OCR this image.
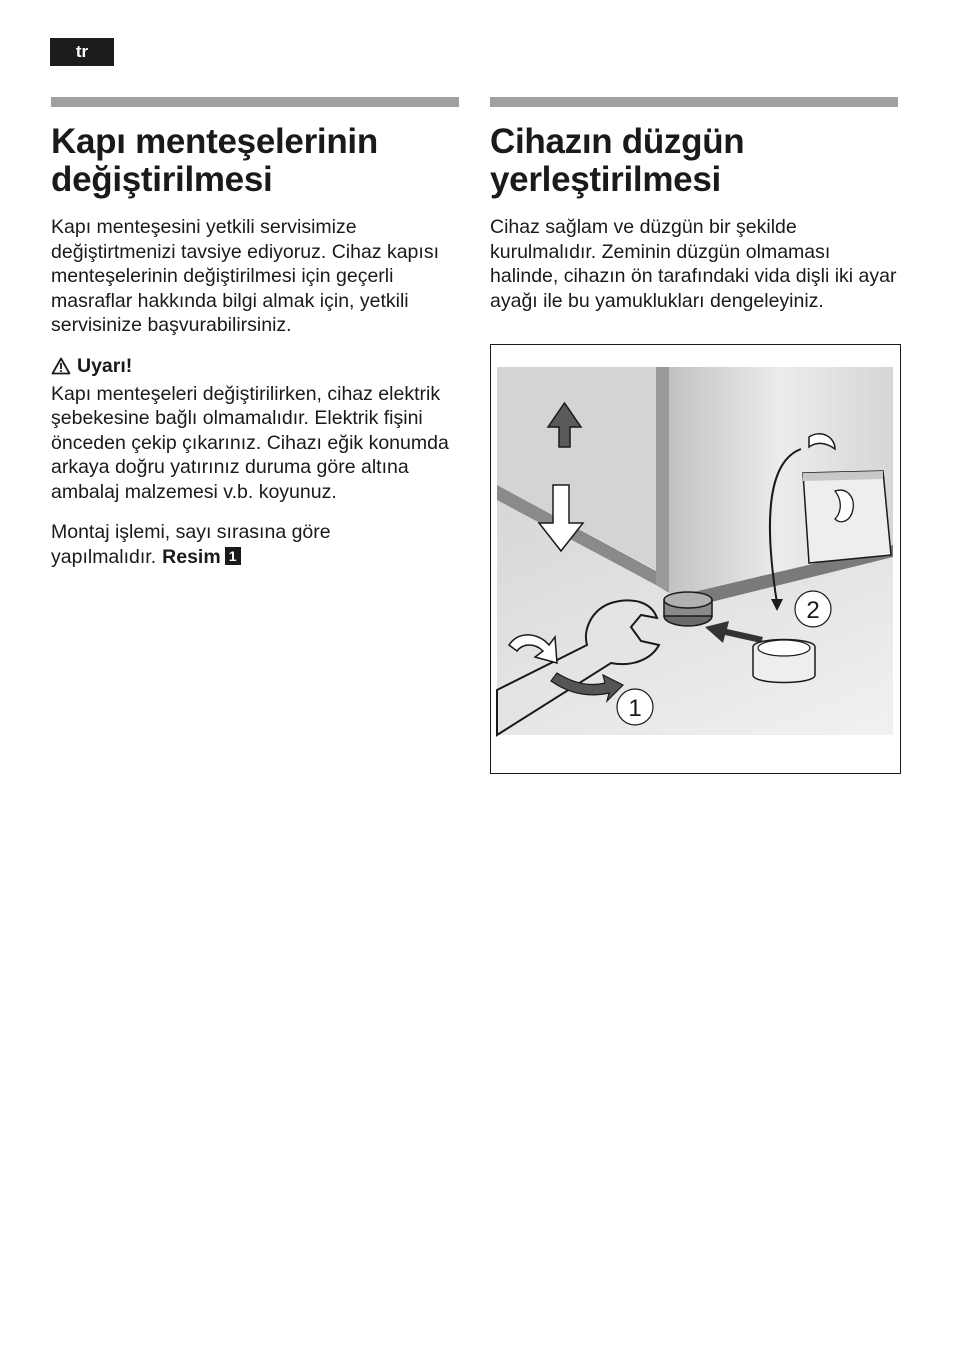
tr
Kapı menteşelerinin değiştirilmesi

Kapı menteşesini yetkili servisimize değiştirtmenizi tavsiye ediyoruz. Cihaz kapısı menteşelerinin değiştirilmesi için geçerli masraflar hakkında bilgi almak için, yetkili servisinize başvurabilirsiniz.

Uyarı!

Kapı menteşeleri değiştirilirken, cihaz elektrik şebekesine bağlı olmamalıdır. Elektrik fişini önceden çekip çıkarınız. Cihazı eğik konumda arkaya doğru yatırınız duruma göre altına ambalaj malzemesi v.b. koyunuz.

Montaj işlemi, sayı sırasına göre yapılmalıdır. Resim 1

Cihazın düzgün yerleştirilmesi

Cihaz sağlam ve düzgün bir şekilde kurulmalıdır. Zeminin düzgün olmaması halinde, cihazın ön tarafındaki vida dişli iki ayar ayağı ile bu yamuklukları dengeleyiniz.

2
1
